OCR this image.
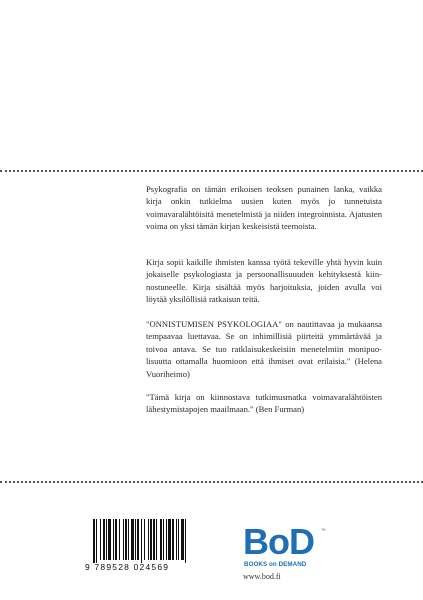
Psykografia on tämän erikoisen teoksen punainen lanka, vaikka kirja onkin tutkielma uusien kuten myös jo tunnetuista voimavaralähtöisitä menetelmistä ja niiden integroinnista. Ajatusten voima on yksi tämän kirjan keskeisistä teemoista.

Kirja sopii kaikille ihmisten kanssa työtä tekeville yhtä hyvin kuin jokaiselle psykologiasta ja persoonallisuuuden kehityksestä kiin-nostuneelle. Kirja sisältää myös harjoituksia, joiden avulla voi löytää yksilöllisiä ratkaisun teitä.

"ONNISTUMISEN PSYKOLOGIAA" on nautittavaa ja mukaansa tempaavaa luettavaa. Se on inhimillisiä piirteitä ymmärtävää ja toivoa antava. Se tuo ratklaisukeskeisiin menetelmiin monipuo-lisuutta ottamalla huomioon että ihmiset ovat erilaisia." (Helena Vuoriheimo)

"Tämä kirja on kiinnostava tutkimusmatka voimavaralähtöisten lähestymistapojen maailmaan." (Ben Furman)

9 789528 024569
BoD ™
BOOKS on DEMAND
www.bod.fi
